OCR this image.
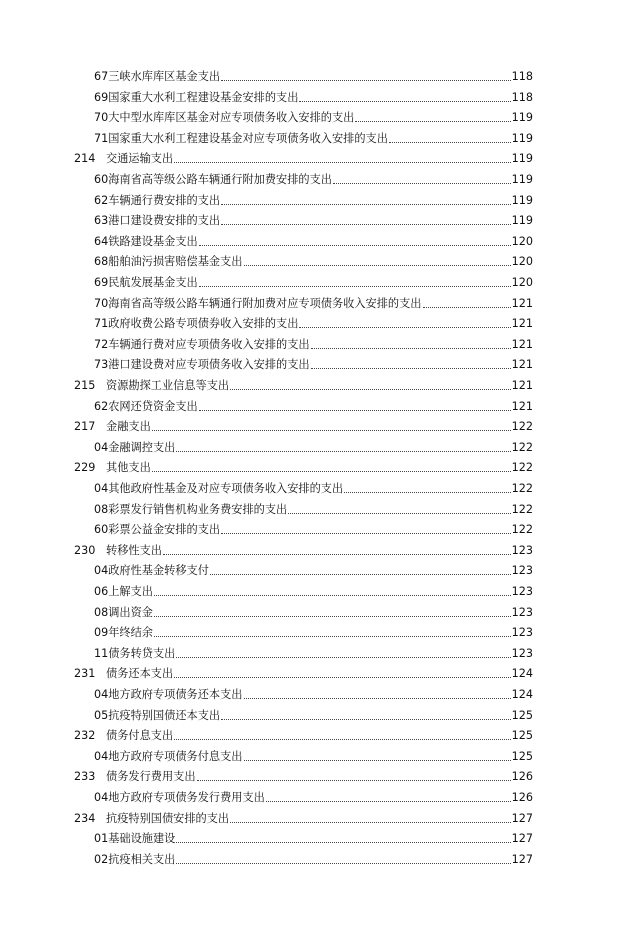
67三峡水库库区基金支出	118
69国家重大水利工程建设基金安排的支出	118
70大中型水库库区基金对应专项债务收入安排的支出	119
71国家重大水利工程建设基金对应专项债务收入安排的支出	119
214 交通运输支出	119
60海南省高等级公路车辆通行附加费安排的支出	119
62车辆通行费安排的支出	119
63港口建设费安排的支出	119
64铁路建设基金支出	120
68船舶油污损害赔偿基金支出	120
69民航发展基金支出	120
70海南省高等级公路车辆通行附加费对应专项债务收入安排的支出	121
71政府收费公路专项债券收入安排的支出	121
72车辆通行费对应专项债务收入安排的支出	121
73港口建设费对应专项债务收入安排的支出	121
215 资源勘探工业信息等支出	121
62农网还贷资金支出	121
217 金融支出	122
04金融调控支出	122
229 其他支出	122
04其他政府性基金及对应专项债务收入安排的支出	122
08彩票发行销售机构业务费安排的支出	122
60彩票公益金安排的支出	122
230 转移性支出	123
04政府性基金转移支付	123
06上解支出	123
08调出资金	123
09年终结余	123
11债务转贷支出	123
231 债务还本支出	124
04地方政府专项债务还本支出	124
05抗疫特别国债还本支出	125
232 债务付息支出	125
04地方政府专项债务付息支出	125
233 债务发行费用支出	126
04地方政府专项债务发行费用支出	126
234 抗疫特别国债安排的支出	127
01基础设施建设	127
02抗疫相关支出	127
